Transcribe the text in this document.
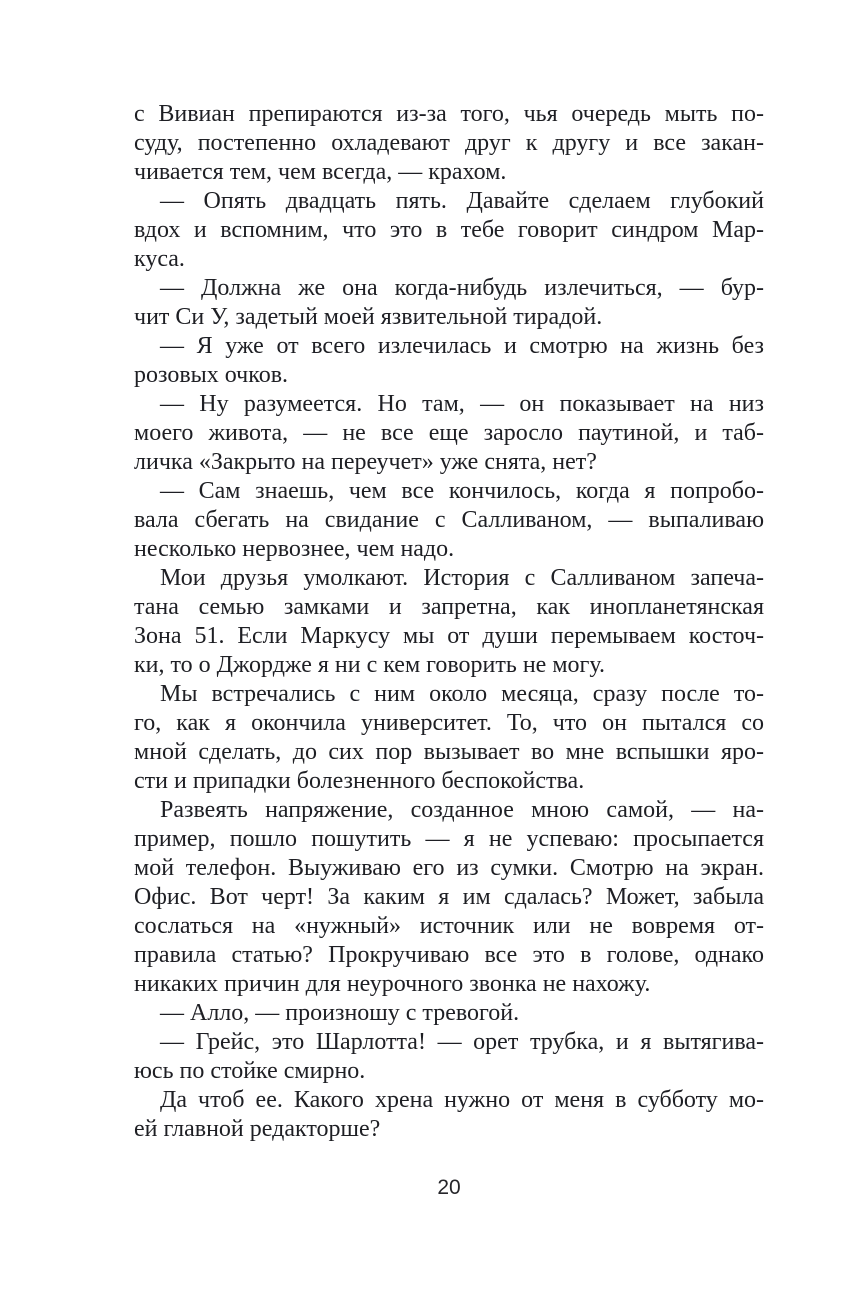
с Вивиан препираются из-за того, чья очередь мыть по-
суду, постепенно охладевают друг к другу и все закан-
чивается тем, чем всегда, — крахом.
— Опять двадцать пять. Давайте сделаем глубокий
вдох и вспомним, что это в тебе говорит синдром Мар-
куса.
— Должна же она когда-нибудь излечиться, — бур-
чит Си У, задетый моей язвительной тирадой.
— Я уже от всего излечилась и смотрю на жизнь без
розовых очков.
— Ну разумеется. Но там, — он показывает на низ
моего живота, — не все еще заросло паутиной, и таб-
личка «Закрыто на переучет» уже снята, нет?
— Сам знаешь, чем все кончилось, когда я попробо-
вала сбегать на свидание с Салливаном, — выпаливаю
несколько нервознее, чем надо.
Мои друзья умолкают. История с Салливаном запеча-
тана семью замками и запретна, как инопланетянская
Зона 51. Если Маркусу мы от души перемываем косточ-
ки, то о Джордже я ни с кем говорить не могу.
Мы встречались с ним около месяца, сразу после то-
го, как я окончила университет. То, что он пытался со
мной сделать, до сих пор вызывает во мне вспышки яро-
сти и припадки болезненного беспокойства.
Развеять напряжение, созданное мною самой, — на-
пример, пошло пошутить — я не успеваю: просыпается
мой телефон. Выуживаю его из сумки. Смотрю на экран.
Офис. Вот черт! За каким я им сдалась? Может, забыла
сослаться на «нужный» источник или не вовремя от-
правила статью? Прокручиваю все это в голове, однако
никаких причин для неурочного звонка не нахожу.
— Алло, — произношу с тревогой.
— Грейс, это Шарлотта! — орет трубка, и я вытягива-
юсь по стойке смирно.
Да чтоб ее. Какого хрена нужно от меня в субботу мо-
ей главной редакторше?
20
